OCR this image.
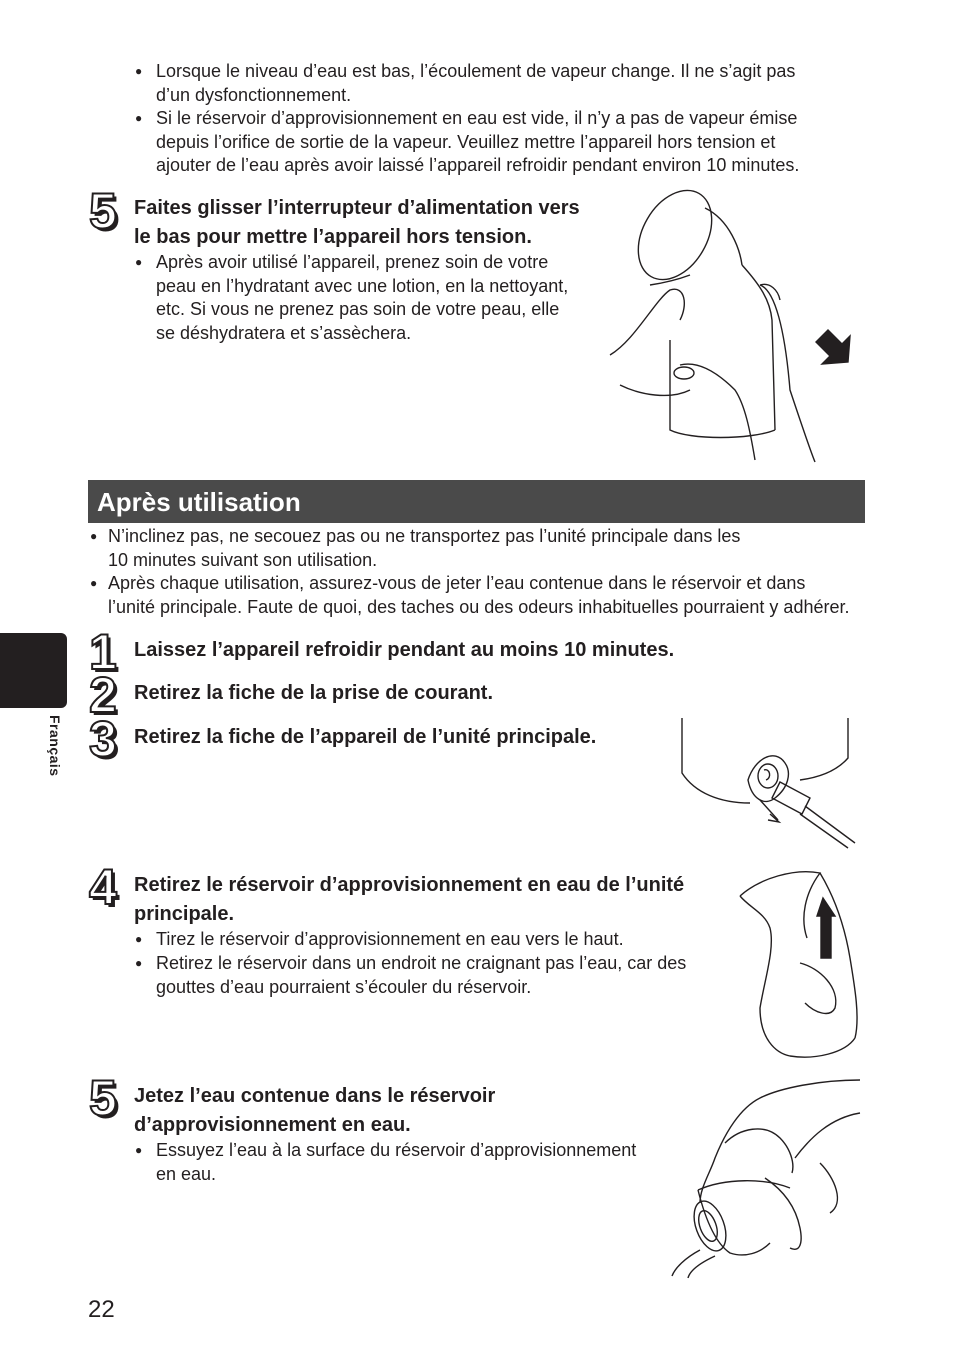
● Lorsque le niveau d’eau est bas, l’écoulement de vapeur change. Il ne s’agit pas
d’un dysfonctionnement.
● Si le réservoir d’approvisionnement en eau est vide, il n’y a pas de vapeur émise
depuis l’orifice de sortie de la vapeur. Veuillez mettre l’appareil hors tension et
ajouter de l’eau après avoir laissé l’appareil refroidir pendant environ 10 minutes.
5 Faites glisser l’interrupteur d’alimentation vers
le bas pour mettre l’appareil hors tension.
● Après avoir utilisé l’appareil, prenez soin de votre
peau en l’hydratant avec une lotion, en la nettoyant,
etc. Si vous ne prenez pas soin de votre peau, elle
se déshydratera et s’assèchera.
Après utilisation
● N’inclinez pas, ne secouez pas ou ne transportez pas l’unité principale dans les
10 minutes suivant son utilisation.
● Après chaque utilisation, assurez-vous de jeter l’eau contenue dans le réservoir et dans
l’unité principale. Faute de quoi, des taches ou des odeurs inhabituelles pourraient y adhérer.
Français
1 Laissez l’appareil refroidir pendant au moins 10 minutes.
2 Retirez la fiche de la prise de courant.
3 Retirez la fiche de l’appareil de l’unité principale.
4 Retirez le réservoir d’approvisionnement en eau de l’unité
principale.
● Tirez le réservoir d’approvisionnement en eau vers le haut.
● Retirez le réservoir dans un endroit ne craignant pas l’eau, car des
gouttes d’eau pourraient s’écouler du réservoir.
5 Jetez l’eau contenue dans le réservoir
d’approvisionnement en eau.
● Essuyez l’eau à la surface du réservoir d’approvisionnement
en eau.
22
